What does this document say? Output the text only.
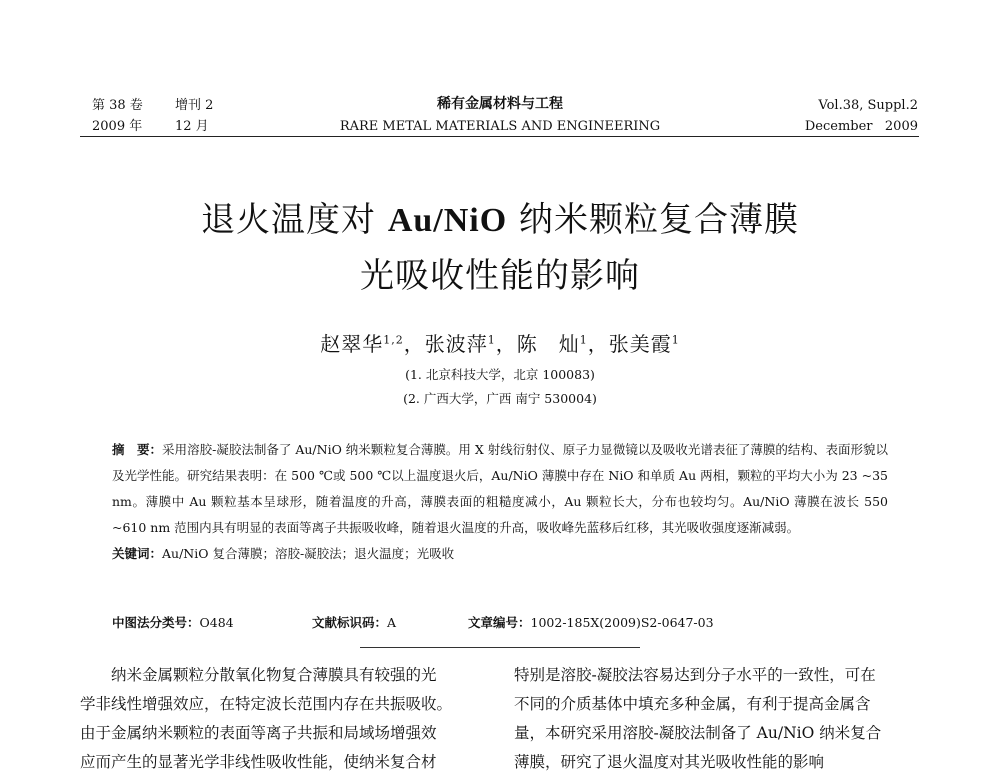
第 38 卷 增刊 2
2009 年	12 月
稀有金属材料与工程
RARE METAL MATERIALS AND ENGINEERING
Vol.38, Suppl.2
December   2009
退火温度对 Au/NiO 纳米颗粒复合薄膜
光吸收性能的影响
赵翠华$^{1,2}$，张波萍$^1$，陈　灿$^1$，张美霞$^1$
(1. 北京科技大学，北京 100083)
(2. 广西大学，广西 南宁 530004)

摘　要：采用溶胶-凝胶法制备了 Au/NiO 纳米颗粒复合薄膜。用 X 射线衍射仪、原子力显微镜以及吸收光谱表征了薄膜的结构、表面形貌以及光学性能。研究结果表明：在 500 ℃或 500 ℃以上温度退火后，Au/NiO 薄膜中存在 NiO 和单质 Au 两相，颗粒的平均大小为 23 ~35 nm。薄膜中 Au 颗粒基本呈球形，随着温度的升高，薄膜表面的粗糙度减小，Au 颗粒长大，分布也较均匀。Au/NiO 薄膜在波长 550 ~610 nm 范围内具有明显的表面等离子共振吸收峰，随着退火温度的升高，吸收峰先蓝移后红移，其光吸收强度逐渐减弱。

关键词：Au/NiO 复合薄膜；溶胶-凝胶法；退火温度；光吸收

中图法分类号：O484	文献标识码：A	文章编号：1002-185X(2009)S2-0647-03
　　纳米金属颗粒分散氧化物复合薄膜具有较强的光
学非线性增强效应，在特定波长范围内存在共振吸收。
由于金属纳米颗粒的表面等离子共振和局域场增强效
应而产生的显著光学非线性吸收性能，使纳米复合材
特别是溶胶-凝胶法容易达到分子水平的一致性，可在
不同的介质基体中填充多种金属，有利于提高金属含
量，本研究采用溶胶-凝胶法制备了 Au/NiO 纳米复合
薄膜，研究了退火温度对其光吸收性能的影响
